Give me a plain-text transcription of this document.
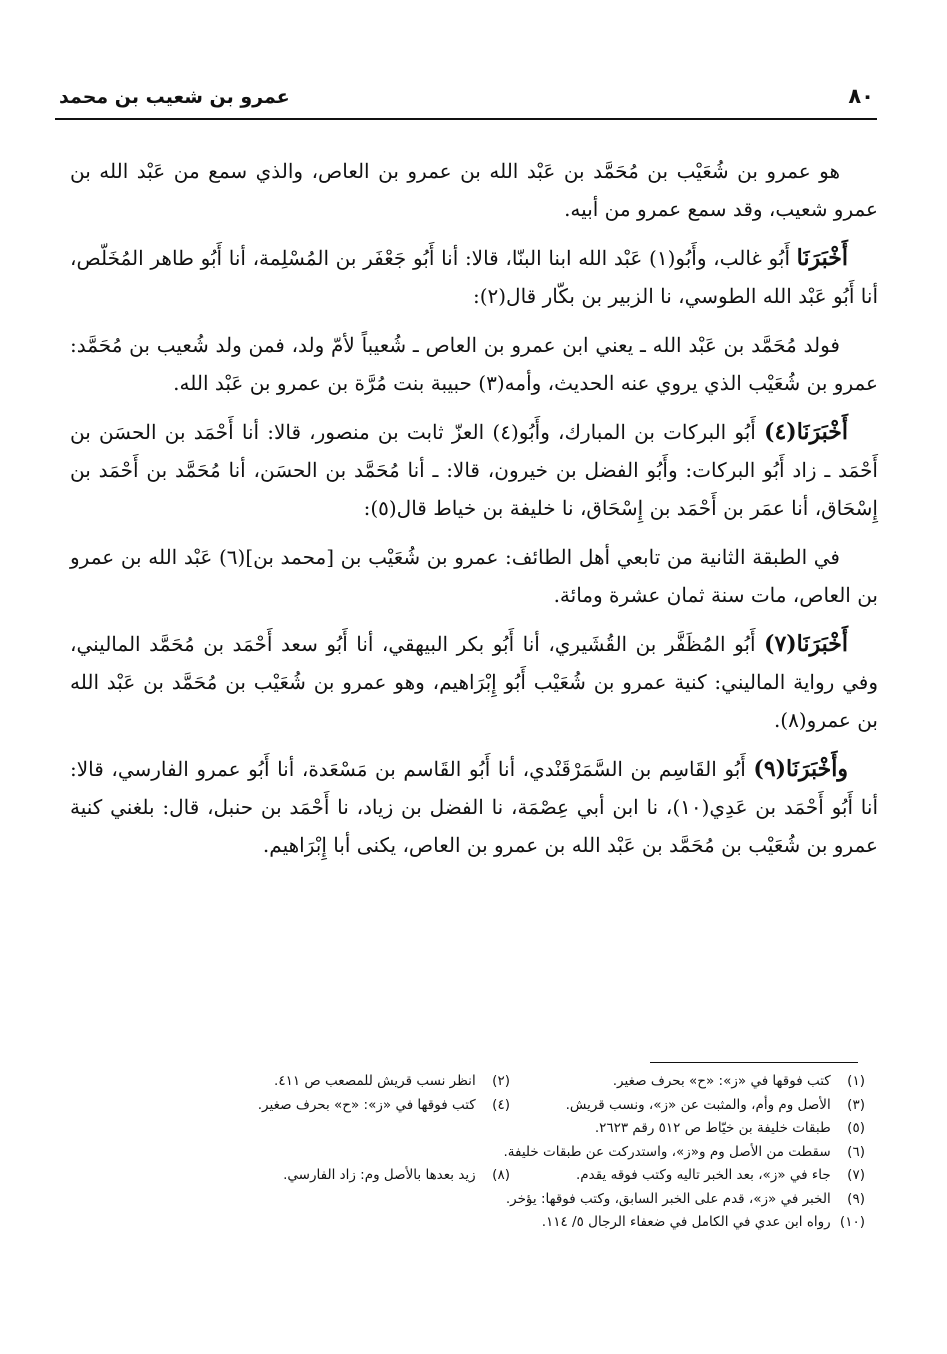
عمرو بن شعيب بن محمد	٨٠

هو عمرو بن شُعَيْب بن مُحَمَّد بن عَبْد الله بن عمرو بن العاص، والذي سمع من عَبْد الله بن عمرو شعيب، وقد سمع عمرو من أبيه.

أَخْبَرَنَا أَبُو غالب، وأَبُو(١) عَبْد الله ابنا البنّا، قالا: أنا أَبُو جَعْفَر بن المُسْلِمة، أنا أَبُو طاهر المُخَلّص، أنا أَبُو عَبْد الله الطوسي، نا الزبير بن بكّار قال(٢):

فولد مُحَمَّد بن عَبْد الله ـ يعني ابن عمرو بن العاص ـ شُعيباً لأمّ ولد، فمن ولد شُعيب بن مُحَمَّد: عمرو بن شُعَيْب الذي يروي عنه الحديث، وأمه(٣) حبيبة بنت مُرَّة بن عمرو بن عَبْد الله.

أَخْبَرَنَا(٤) أَبُو البركات بن المبارك، وأَبُو(٤) العزّ ثابت بن منصور، قالا: أنا أَحْمَد بن الحسَن بن أَحْمَد ـ زاد أَبُو البركات: وأَبُو الفضل بن خيرون، قالا: ـ أنا مُحَمَّد بن الحسَن، أنا مُحَمَّد بن أَحْمَد بن إِسْحَاق، أنا عمَر بن أَحْمَد بن إِسْحَاق، نا خليفة بن خياط قال(٥):

في الطبقة الثانية من تابعي أهل الطائف: عمرو بن شُعَيْب بن [محمد بن](٦) عَبْد الله بن عمرو بن العاص، مات سنة ثمان عشرة ومائة.

أَخْبَرَنَا(٧) أَبُو المُظَفَّر بن القُشَيري، أنا أَبُو بكر البيهقي، أنا أَبُو سعد أَحْمَد بن مُحَمَّد الماليني، وفي رواية الماليني: كنية عمرو بن شُعَيْب أَبُو إِبْرَاهيم، وهو عمرو بن شُعَيْب بن مُحَمَّد بن عَبْد الله بن عمرو(٨).

وأَخْبَرَنَا(٩) أَبُو القَاسِم بن السَّمَرْقَنْدي، أنا أَبُو القَاسم بن مَسْعَدة، أنا أَبُو عمرو الفارسي، قالا: أنا أَبُو أَحْمَد بن عَدِي(١٠)، نا ابن أبي عِصْمَة، نا الفضل بن زياد، نا أَحْمَد بن حنبل، قال: بلغني كنية عمرو بن شُعَيْب بن مُحَمَّد بن عَبْد الله بن عمرو بن العاص، يكنى أبا إِبْرَاهيم.

(١) كتب فوقها في «ز»: «ح» بحرف صغير.
(٢) انظر نسب قريش للمصعب ص ٤١١.
(٣) الأصل وم وأم، والمثبت عن «ز»، ونسب قريش.
(٤) كتب فوقها في «ز»: «ح» بحرف صغير.
(٥) طبقات خليفة بن خيّاط ص ٥١٢ رقم ٢٦٢٣.
(٦) سقطت من الأصل وم و«ز»، واستدركت عن طبقات خليفة.
(٧) جاء في «ز»، بعد الخبر تاليه وكتب فوقه يقدم.
(٨) زيد بعدها بالأصل وم: زاد الفارسي.
(٩) الخبر في «ز»، قدم على الخبر السابق، وكتب فوقها: يؤخر.
(١٠) رواه ابن عدي في الكامل في ضعفاء الرجال ٥/ ١١٤.
